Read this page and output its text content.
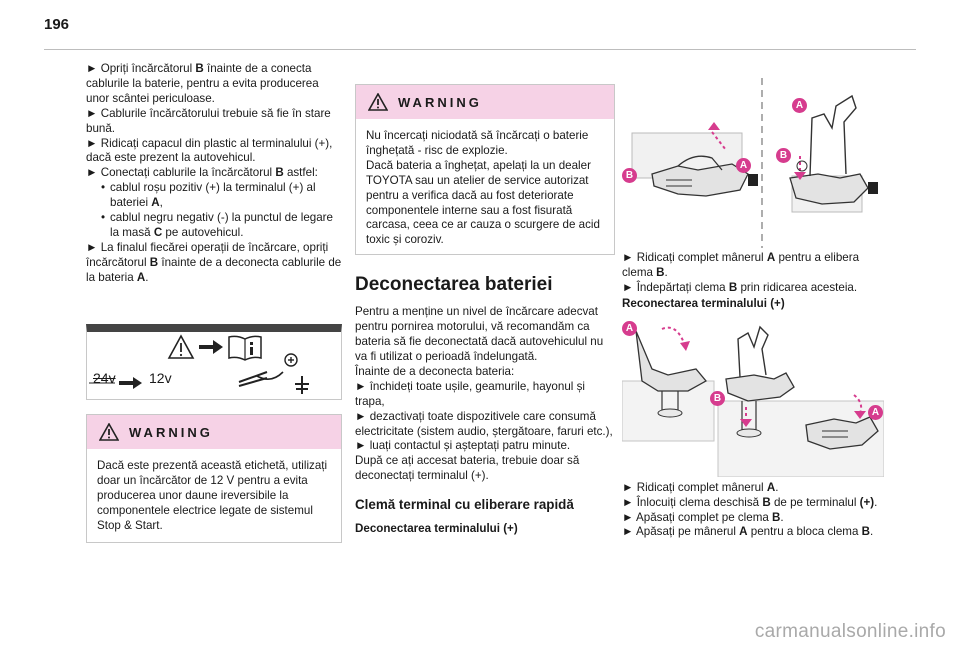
196
► Opriți încărcătorul B înainte de a conecta cablurile la baterie, pentru a evita producerea unor scântei periculoase.
► Cablurile încărcătorului trebuie să fie în stare bună.
► Ridicați capacul din plastic al terminalului (+), dacă este prezent la autovehicul.
► Conectați cablurile la încărcătorul B astfel:
• cablul roșu pozitiv (+) la terminalul (+) al bateriei A,
• cablul negru negativ (-) la punctul de legare la masă C pe autovehicul.
► La finalul fiecărei operații de încărcare, opriți încărcătorul B înainte de a deconecta cablurile de la bateria A.
24v 12v
WARNING

Dacă este prezentă această etichetă, utilizați doar un încărcător de 12 V pentru a evita producerea unor daune ireversibile la componentele electrice legate de sistemul Stop & Start.

WARNING

Nu încercați niciodată să încărcați o baterie înghețată - risc de explozie.
Dacă bateria a înghețat, apelați la un dealer TOYOTA sau un atelier de service autorizat pentru a verifica dacă au fost deteriorate componentele interne sau a fost fisurată carcasa, ceea ce ar cauza o scurgere de acid toxic și coroziv.

Deconectarea bateriei

Pentru a menține un nivel de încărcare adecvat pentru pornirea motorului, vă recomandăm ca bateria să fie deconectată dacă autovehiculul nu va fi utilizat o perioadă îndelungată.
Înainte de a deconecta bateria:
► închideți toate ușile, geamurile, hayonul și trapa,
► dezactivați toate dispozitivele care consumă electricitate (sistem audio, ștergătoare, faruri etc.),
► luați contactul și așteptați patru minute.
După ce ați accesat bateria, trebuie doar să deconectați terminalul (+).

Clemă terminal cu eliberare rapidă
Deconectarea terminalului (+)
A
B
A
B
► Ridicați complet mânerul A pentru a elibera clema B.
► Îndepărtați clema B prin ridicarea acesteia.
Reconectarea terminalului (+)
A
B
A
► Ridicați complet mânerul A.
► Înlocuiți clema deschisă B de pe terminalul (+).
► Apăsați complet pe clema B.
► Apăsați pe mânerul A pentru a bloca clema B.
carmanualsonline.info
